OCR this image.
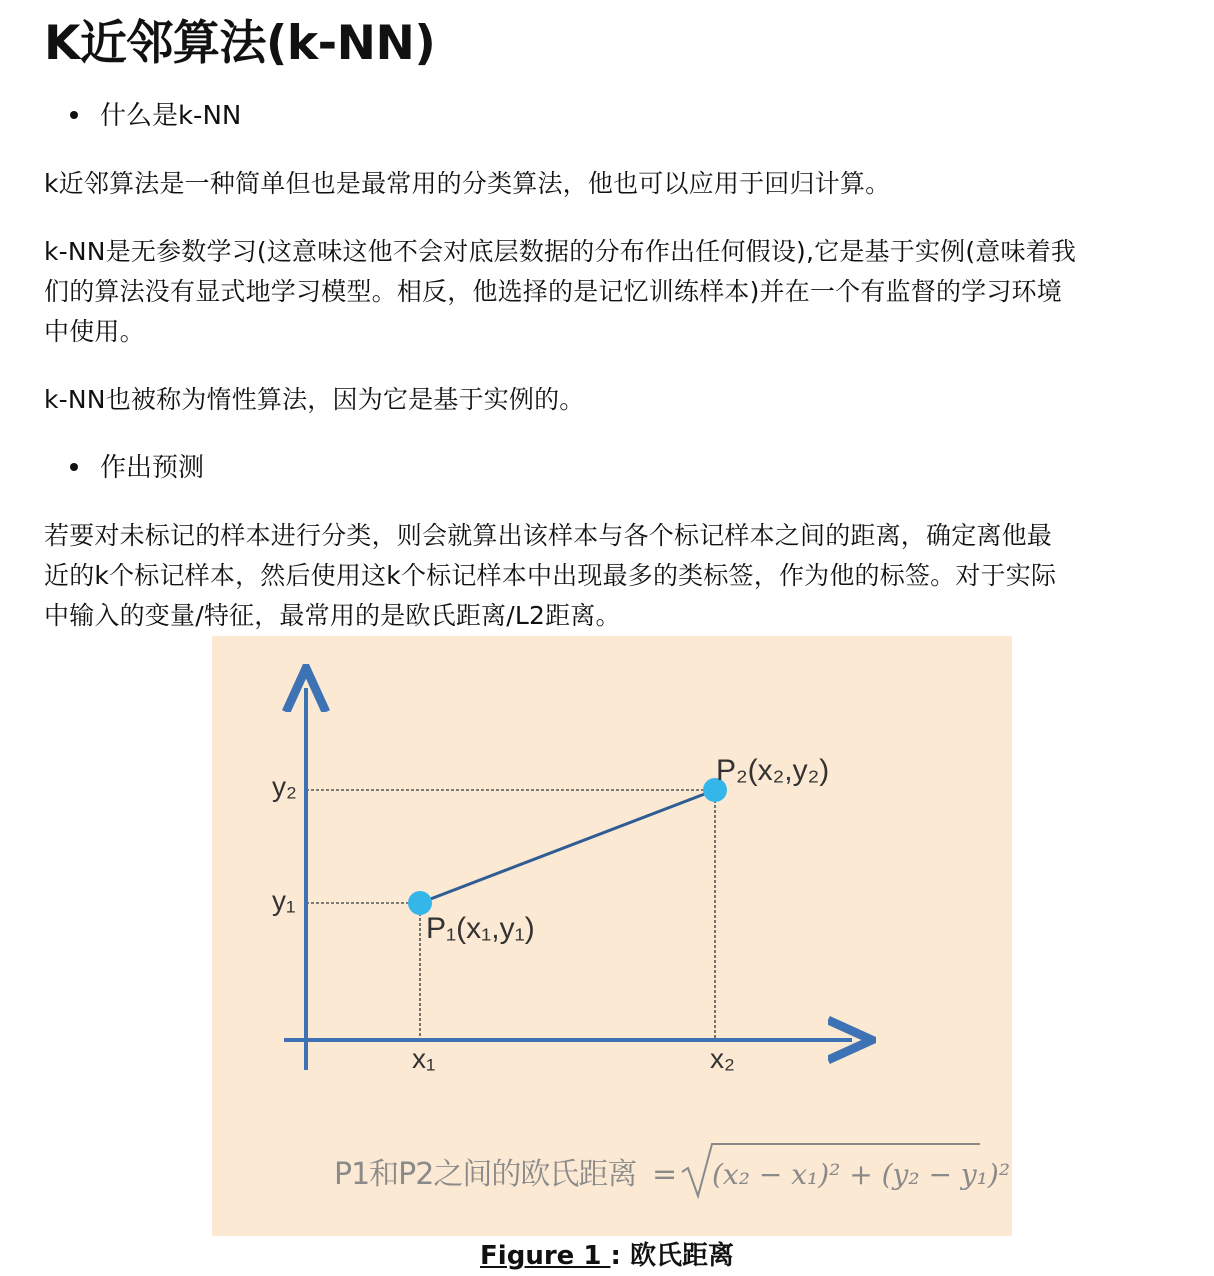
K近邻算法(k-NN)
什么是k-NN
k近邻算法是一种简单但也是最常用的分类算法，他也可以应用于回归计算。
k-NN是无参数学习(这意味这他不会对底层数据的分布作出任何假设),它是基于实例(意味着我
们的算法没有显式地学习模型。相反，他选择的是记忆训练样本)并在一个有监督的学习环境
中使用。
k-NN也被称为惰性算法，因为它是基于实例的。
作出预测
若要对未标记的样本进行分类，则会就算出该样本与各个标记样本之间的距离，确定离他最
近的k个标记样本，然后使用这k个标记样本中出现最多的类标签，作为他的标签。对于实际
中输入的变量/特征，最常用的是欧氏距离/L2距离。
P₂(x₂,y₂)
P₁(x₁,y₁)
y₂
y₁
x₁	x₂
P1和P2之间的欧氏距离 = (x₂ − x₁)² + (y₂ − y₁)²
Figure 1 : 欧氏距离
